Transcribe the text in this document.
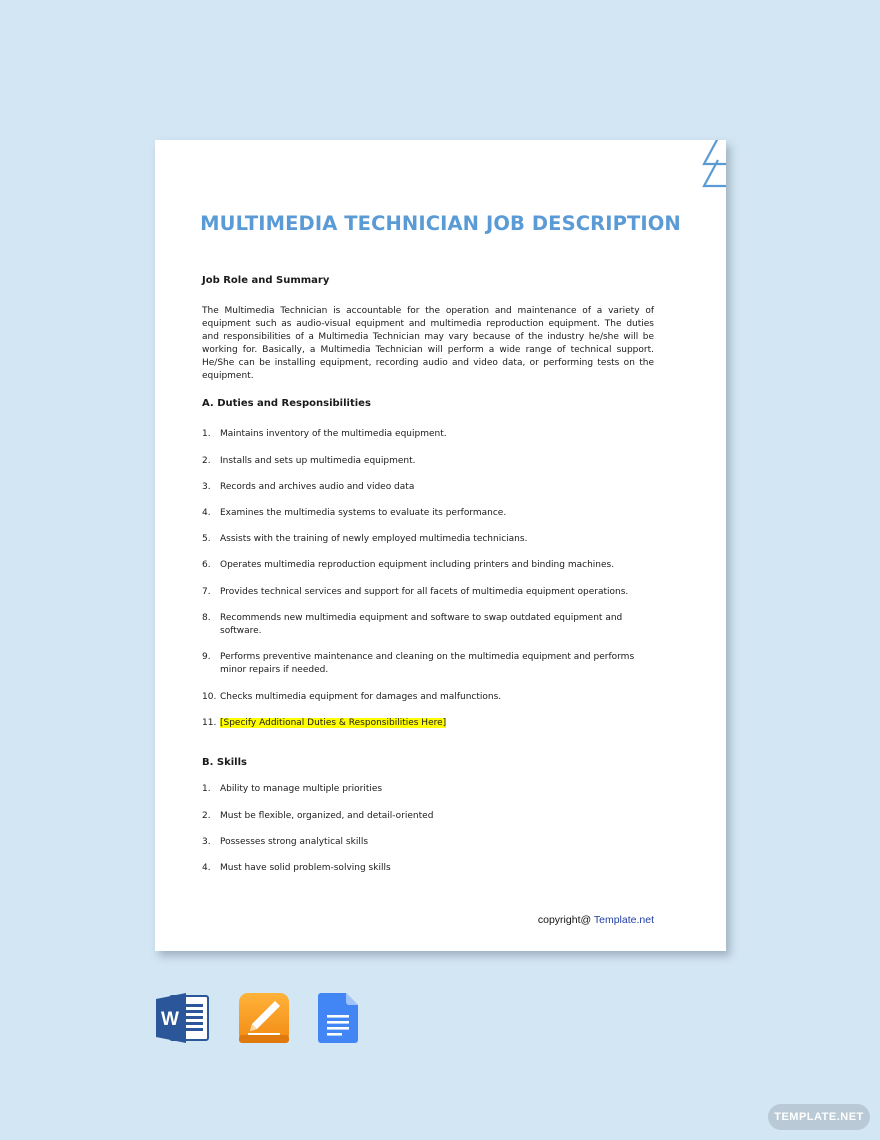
MULTIMEDIA TECHNICIAN JOB DESCRIPTION
Job Role and Summary
The Multimedia Technician is accountable for the operation and maintenance of a variety of equipment such as audio-visual equipment and multimedia reproduction equipment. The duties and responsibilities of a Multimedia Technician may vary because of the industry he/she will be working for. Basically, a Multimedia Technician will perform a wide range of technical support. He/She can be installing equipment, recording audio and video data, or performing tests on the equipment.
A. Duties and Responsibilities
1. Maintains inventory of the multimedia equipment.
2. Installs and sets up multimedia equipment.
3. Records and archives audio and video data
4. Examines the multimedia systems to evaluate its performance.
5. Assists with the training of newly employed multimedia technicians.
6. Operates multimedia reproduction equipment including printers and binding machines.
7. Provides technical services and support for all facets of multimedia equipment operations.
8. Recommends new multimedia equipment and software to swap outdated equipment and software.
9. Performs preventive maintenance and cleaning on the multimedia equipment and performs minor repairs if needed.
10. Checks multimedia equipment for damages and malfunctions.
11. [Specify Additional Duties & Responsibilities Here]
B. Skills
1. Ability to manage multiple priorities
2. Must be flexible, organized, and detail-oriented
3. Possesses strong analytical skills
4. Must have solid problem-solving skills
copyright@ Template.net
W
TEMPLATE.NET
